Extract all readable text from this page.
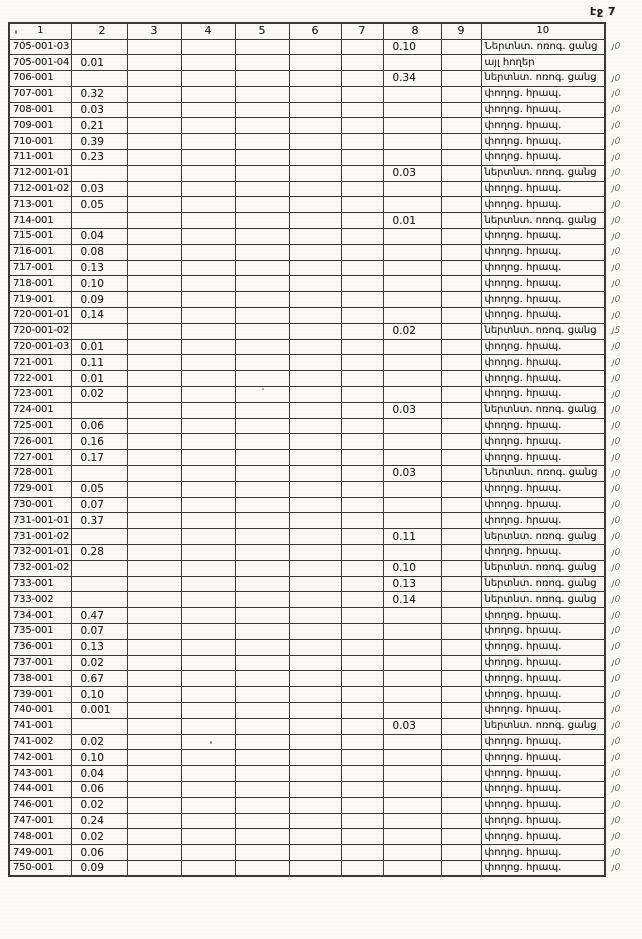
էջ 7
1	2	3	4	5	6	7	8	9	10	
705-001-03							0.10		Ներտնտ. ոռոգ. ցանց	յ0
705-001-04	0.01								այլ հողեր	
706-001							0.34		ներտնտ. ոռոգ. ցանց	յ0
707-001	0.32								փողոց. հրապ.	յ0
708-001	0.03								փողոց. հրապ.	յ0
709-001	0.21								փողոց. հրապ.	յ0
710-001	0.39								փողոց. հրապ.	յ0
711-001	0.23								փողոց. հրապ.	յ0
712-001-01							0.03		ներտնտ. ոռոգ. ցանց	յ0
712-001-02	0.03								փողոց. հրապ.	յ0
713-001	0.05								փողոց. հրապ.	յ0
714-001							0.01		ներտնտ. ոռոգ. ցանց	յ0
715-001	0.04								փողոց. հրապ.	յ0
716-001	0.08								փողոց. հրապ.	յ0
717-001	0.13								փողոց. հրապ.	յ0
718-001	0.10								փողոց. հրապ.	յ0
719-001	0.09								փողոց. հրապ.	յ0
720-001-01	0.14								փողոց. հրապ.	յ0
720-001-02							0.02		ներտնտ. ոռոգ. ցանց	յ5
720-001-03	0.01								փողոց. հրապ.	յ0
721-001	0.11								փողոց. հրապ.	յ0
722-001	0.01								փողոց. հրապ.	յ0
723-001	0.02								փողոց. հրապ.	յ0
724-001							0.03		ներտնտ. ոռոգ. ցանց	յ0
725-001	0.06								փողոց. հրապ.	յ0
726-001	0.16								փողոց. հրապ.	յ0
727-001	0.17								փողոց. հրապ.	յ0
728-001							0.03		Ներտնտ. ոռոգ. ցանց	յ0
729-001	0.05								փողոց. հրապ.	յ0
730-001	0.07								փողոց. հրապ.	յ0
731-001-01	0.37								փողոց. հրապ.	յ0
731-001-02							0.11		ներտնտ. ոռոգ. ցանց	յ0
732-001-01	0.28								փողոց. հրապ.	յ0
732-001-02							0.10		ներտնտ. ոռոգ. ցանց	յ0
733-001							0.13		ներտնտ. ոռոգ. ցանց	յ0
733-002							0.14		ներտնտ. ոռոգ. ցանց	յ0
734-001	0.47								փողոց. հրապ.	յ0
735-001	0.07								փողոց. հրապ.	յ0
736-001	0.13								փողոց. հրապ.	յ0
737-001	0.02								փողոց. հրապ.	յ0
738-001	0.67								փողոց. հրապ.	յ0
739-001	0.10								փողոց. հրապ.	յ0
740-001	0.001								փողոց. հրապ.	յ0
741-001							0.03		ներտնտ. ոռոգ. ցանց	յ0
741-002	0.02								փողոց. հրապ.	յ0
742-001	0.10								փողոց. հրապ.	յ0
743-001	0.04								փողոց. հրապ.	յ0
744-001	0.06								փողոց. հրապ.	յ0
746-001	0.02								փողոց. հրապ.	յ0
747-001	0.24								փողոց. հրապ.	յ0
748-001	0.02								փողոց. հրապ.	յ0
749-001	0.06								փողոց. հրապ.	յ0
750-001	0.09								փողոց. հրապ.	յ0
